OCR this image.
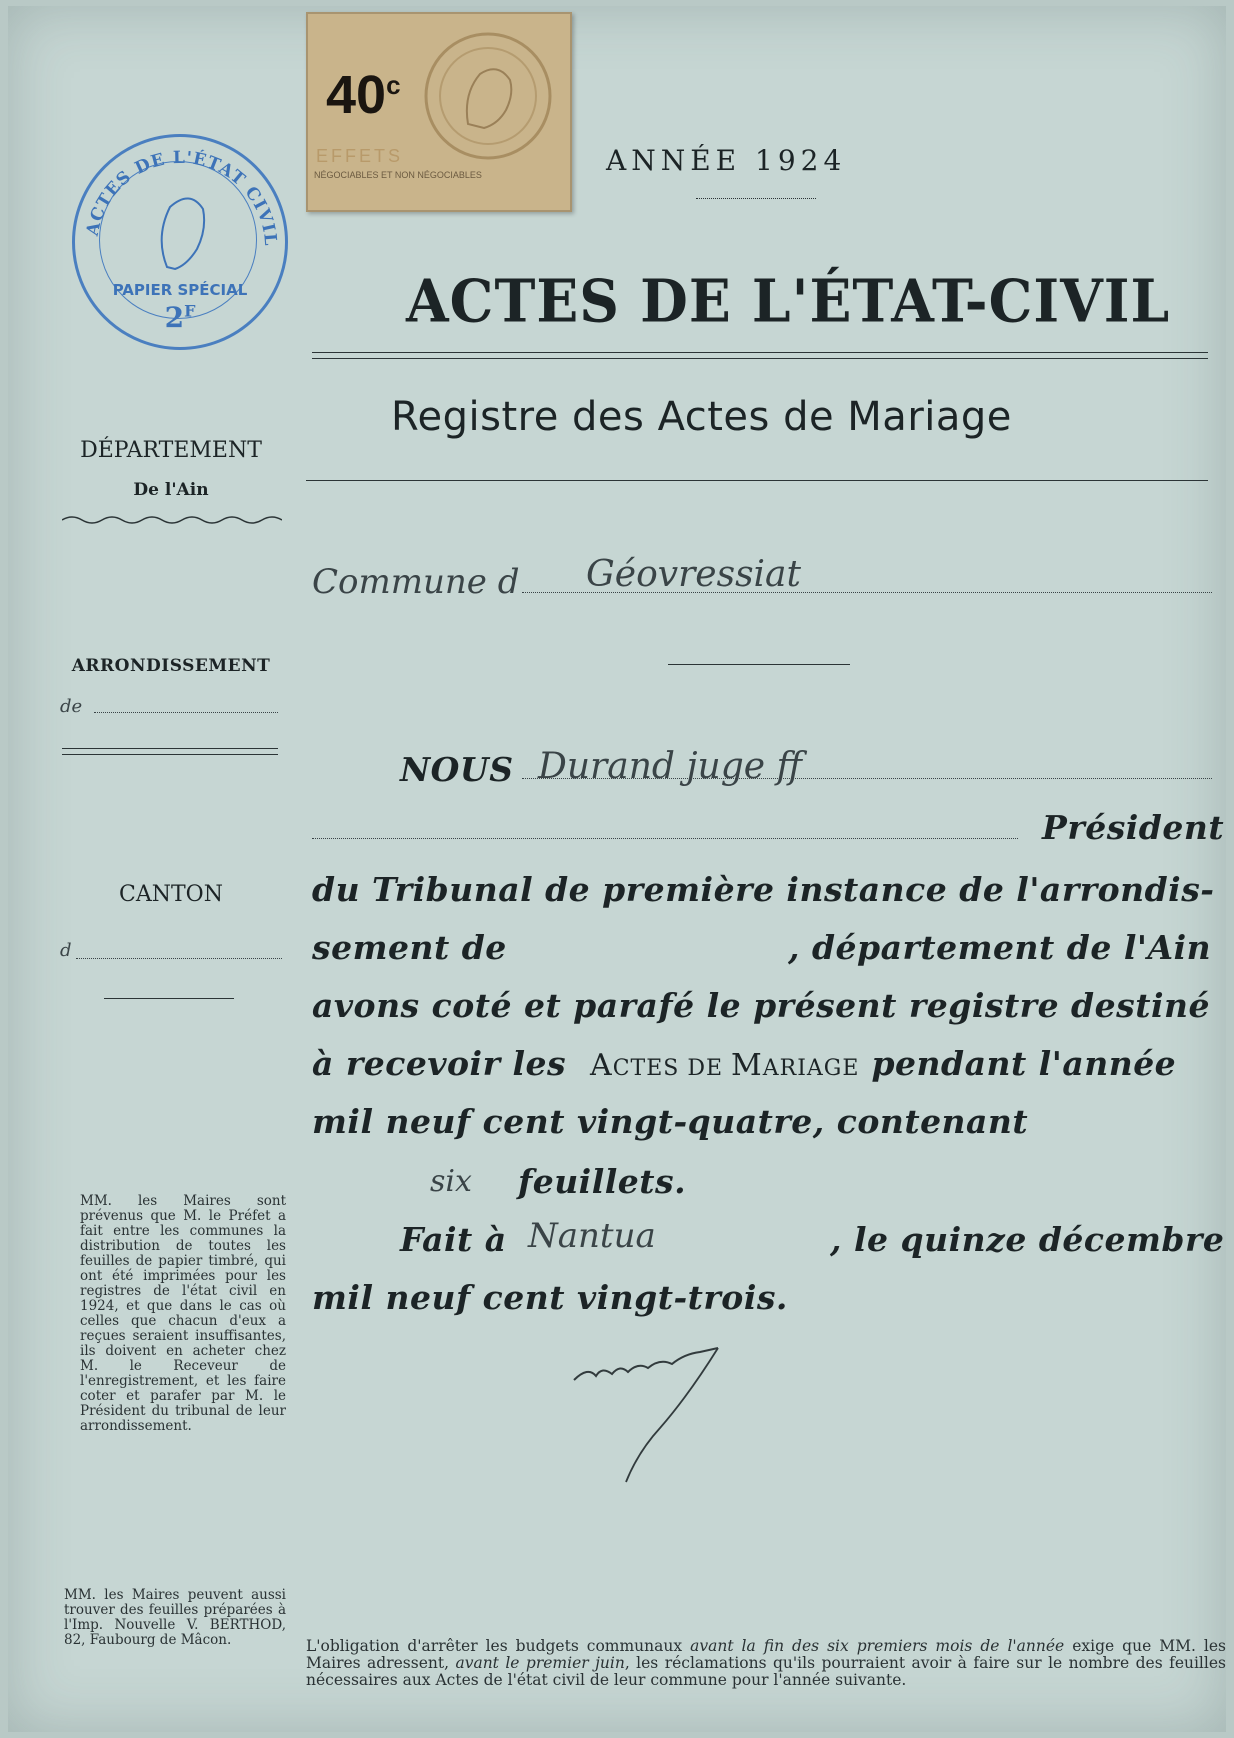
40$^c$
EFFETS
NÉGOCIABLES ET NON NÉGOCIABLES
ACTES DE L'ÉTAT CIVIL
PAPIER SPÉCIAL
$2^F$
ANNÉE 1924
ACTES DE L'ÉTAT-CIVIL
Registre des Actes de Mariage
DÉPARTEMENT
De l'Ain
ARRONDISSEMENT
de
CANTON
d
MM. les Maires sont prévenus que M. le Préfet a fait entre les communes la distribution de toutes les feuilles de papier timbré, qui ont été imprimées pour les registres de l'état civil en 1924, et que dans le cas où celles que chacun d'eux a reçues seraient insuffisantes, ils doivent en acheter chez M. le Receveur de l'enregistrement, et les faire coter et parafer par M. le Président du tribunal de leur arrondissement.
MM. les Maires peuvent aussi trouver des feuilles préparées à l'Imp. Nouvelle V. BERTHOD, 82, Faubourg de Mâcon.
Commune d Géovressiat
NOUS Durand juge ff
Président
du Tribunal de première instance de l'arrondis-
sement de	, département de l'Ain
avons coté et parafé le présent registre destiné
à recevoir les ACTES DE MARIAGE pendant l'année
mil neuf cent vingt-quatre, contenant
six feuillets.
Fait à Nantua	, le quinze décembre
mil neuf cent vingt-trois.
L'obligation d'arrêter les budgets communaux avant la fin des six premiers mois de l'année exige que MM. les Maires adressent, avant le premier juin, les réclamations qu'ils pourraient avoir à faire sur le nombre des feuilles nécessaires aux Actes de l'état civil de leur commune pour l'année suivante.
